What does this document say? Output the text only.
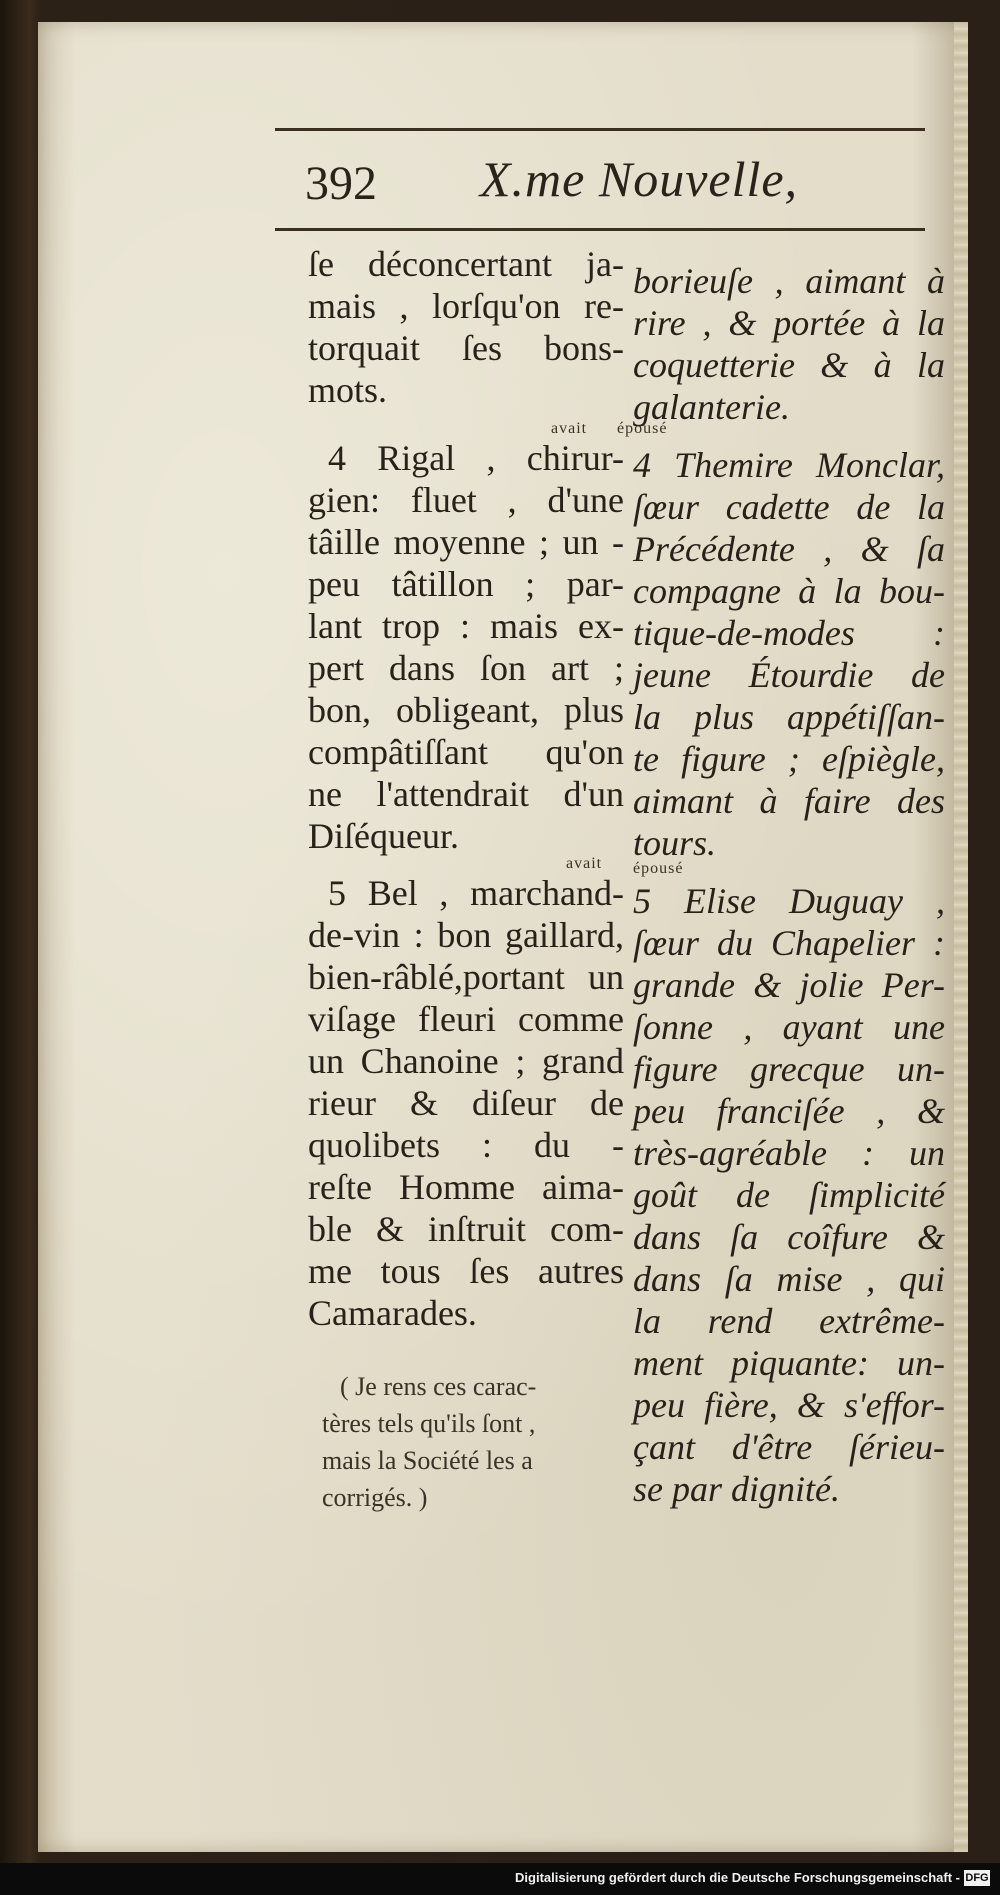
392 X.me Nouvelle,
ſe déconcertant ja-
mais , lorſqu'on re-
torquait ſes bons-
mots.
4 Rigal , chirur-
gien: fluet , d'une
tâille moyenne ; un -
peu tâtillon ; par-
lant trop : mais ex-
pert dans ſon art ;
bon, obligeant, plus
compâtiſſant qu'on
ne l'attendrait d'un
Diſéqueur.
5 Bel , marchand-
de-vin : bon gaillard,
bien-râblé,portant un
viſage fleuri comme
un Chanoine ; grand
rieur & diſeur de
quolibets : du -
reſte Homme aima-
ble & inſtruit com-
me tous ſes autres
Camarades.
borieuſe , aimant à
rire , & portée à la
coquetterie & à la
galanterie.
4 Themire Monclar,
ſœur cadette de la
Précédente , & ſa
compagne à la bou-
tique-de-modes :
jeune Étourdie de
la plus appétiſſan-
te figure ; eſpiègle,
aimant à faire des
tours.
5 Elise Duguay ,
ſœur du Chapelier :
grande & jolie Per-
ſonne , ayant une
figure grecque un-
peu franciſée , &
très-agréable : un
goût de ſimplicité
dans ſa coîfure &
dans ſa mise , qui
la rend extrême-
ment piquante: un-
peu fière, & s'effor-
çant d'être ſérieu-
se par dignité.
avait épousé
avait épousé
( Je rens ces carac-
tères tels qu'ils ſont ,
mais la Société les a
corrigés. )
Digitalisierung gefördert durch die Deutsche Forschungsgemeinschaft - DFG
